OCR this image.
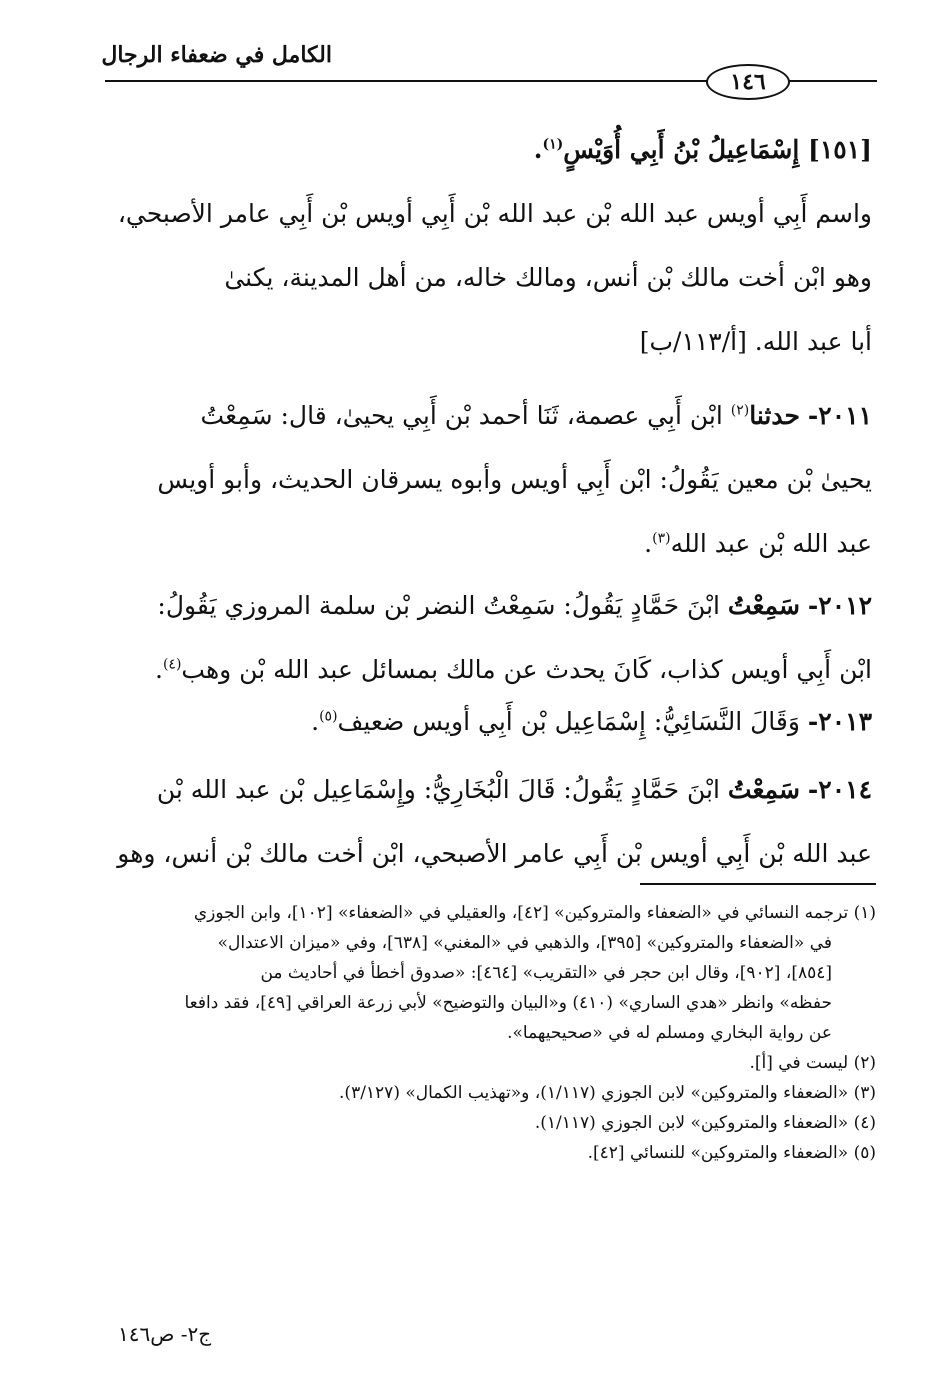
الكامل في ضعفاء الرجال
١٤٦
[١٥١] إِسْمَاعِيلُ بْنُ أَبِي أُوَيْسٍ$^{(١)}$.
واسم أَبِي أويس عبد الله بْن عبد الله بْن أَبِي أويس بْن أَبِي عامر الأصبحي،
وهو ابْن أخت مالك بْن أنس، ومالك خاله، من أهل المدينة، يكنىٰ
أبا عبد الله. [أ/١١٣/ب]
٢٠١١- حدثنا$^{(٢)}$ ابْن أَبِي عصمة، ثَنَا أحمد بْن أَبِي يحيىٰ، قال: سَمِعْتُ
يحيىٰ بْن معين يَقُولُ: ابْن أَبِي أويس وأبوه يسرقان الحديث، وأبو أويس
عبد الله بْن عبد الله$^{(٣)}$.
٢٠١٢- سَمِعْتُ ابْنَ حَمَّادٍ يَقُولُ: سَمِعْتُ النضر بْن سلمة المروزي يَقُولُ:
ابْن أَبِي أويس كذاب، كَانَ يحدث عن مالك بمسائل عبد الله بْن وهب$^{(٤)}$.
٢٠١٣- وَقَالَ النَّسَائِيُّ: إِسْمَاعِيل بْن أَبِي أويس ضعيف$^{(٥)}$.
٢٠١٤- سَمِعْتُ ابْنَ حَمَّادٍ يَقُولُ: قَالَ الْبُخَارِيُّ: وإِسْمَاعِيل بْن عبد الله بْن
عبد الله بْن أَبِي أويس بْن أَبِي عامر الأصبحي، ابْن أخت مالك بْن أنس، وهو
(١) ترجمه النسائي في «الضعفاء والمتروكين» [٤٢]، والعقيلي في «الضعفاء» [١٠٢]، وابن الجوزي
في «الضعفاء والمتروكين» [٣٩٥]، والذهبي في «المغني» [٦٣٨]، وفي «ميزان الاعتدال»
[٨٥٤]، [٩٠٢]، وقال ابن حجر في «التقريب» [٤٦٤]: «صدوق أخطأ في أحاديث من
حفظه» وانظر «هدي الساري» (٤١٠) و«البيان والتوضيح» لأبي زرعة العراقي [٤٩]، فقد دافعا
عن رواية البخاري ومسلم له في «صحيحيهما».
(٢) ليست في [أ].
(٣) «الضعفاء والمتروكين» لابن الجوزي (١/١١٧)، و«تهذيب الكمال» (٣/١٢٧).
(٤) «الضعفاء والمتروكين» لابن الجوزي (١/١١٧).
(٥) «الضعفاء والمتروكين» للنسائي [٤٢].
ج٢- ص١٤٦
